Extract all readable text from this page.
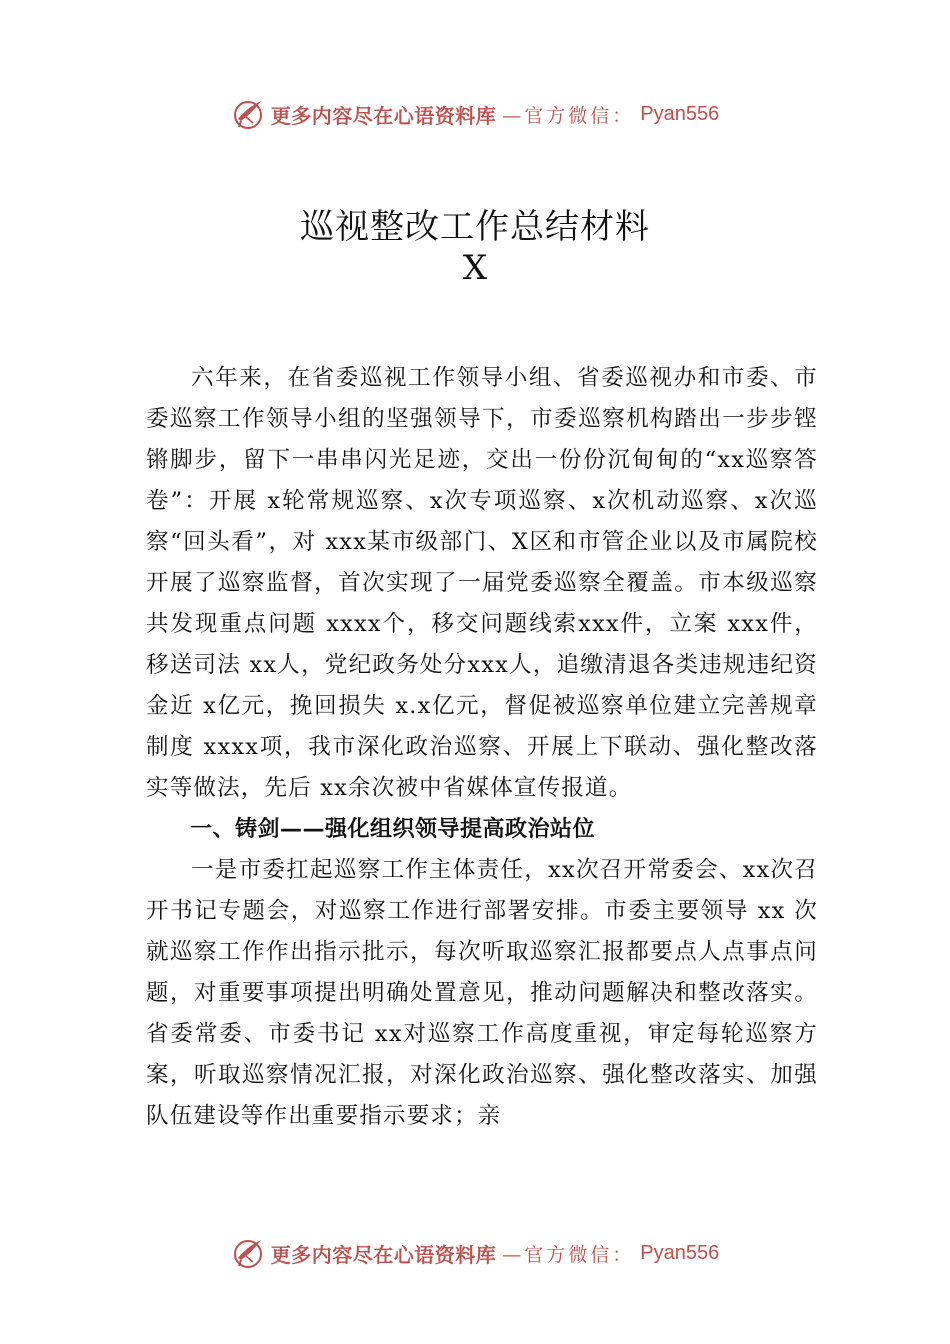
更多内容尽在心语资料库 —官方微信： Pyan556
巡视整改工作总结材料
X

六年来，在省委巡视工作领导小组、省委巡视办和市委、市委巡察工作领导小组的坚强领导下，市委巡察机构踏出一步步铿锵脚步，留下一串串闪光足迹，交出一份份沉甸甸的“xx巡察答卷”：开展 x轮常规巡察、x次专项巡察、x次机动巡察、x次巡察“回头看”，对 xxx某市级部门、X区和市管企业以及市属院校开展了巡察监督，首次实现了一届党委巡察全覆盖。市本级巡察共发现重点问题 xxxx个，移交问题线索xxx件，立案 xxx件，移送司法 xx人，党纪政务处分xxx人，追缴清退各类违规违纪资金近 x亿元，挽回损失 x.x亿元，督促被巡察单位建立完善规章制度 xxxx项，我市深化政治巡察、开展上下联动、强化整改落实等做法，先后 xx余次被中省媒体宣传报道。

一、铸剑——强化组织领导提高政治站位

一是市委扛起巡察工作主体责任，xx次召开常委会、xx次召开书记专题会，对巡察工作进行部署安排。市委主要领导 xx 次就巡察工作作出指示批示，每次听取巡察汇报都要点人点事点问题，对重要事项提出明确处置意见，推动问题解决和整改落实。省委常委、市委书记 xx对巡察工作高度重视，审定每轮巡察方案，听取巡察情况汇报，对深化政治巡察、强化整改落实、加强队伍建设等作出重要指示要求；亲

更多内容尽在心语资料库 —官方微信： Pyan556
